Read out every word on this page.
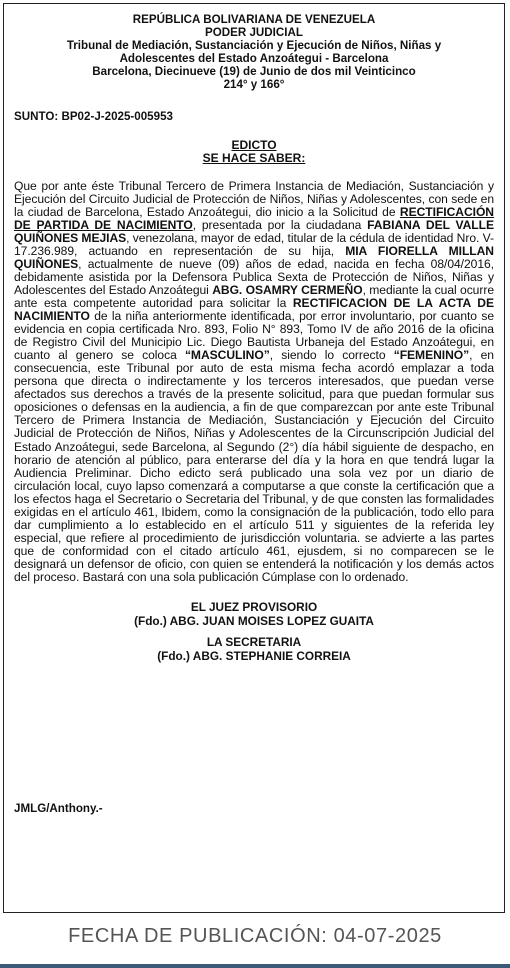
REPÚBLICA BOLIVARIANA DE VENEZUELA
PODER JUDICIAL
Tribunal de Mediación, Sustanciación y Ejecución de Niños, Niñas y
Adolescentes del Estado Anzoátegui - Barcelona
Barcelona, Diecinueve (19) de Junio de dos mil Veinticinco
214° y 166°
SUNTO: BP02-J-2025-005953
EDICTO
SE HACE SABER:
Que por ante éste Tribunal Tercero de Primera Instancia de Mediación, Sustanciación y Ejecución del Circuito Judicial de Protección de Niños, Niñas y Adolescentes, con sede en la ciudad de Barcelona, Estado Anzoátegui, dio inicio a la Solicitud de RECTIFICACIÓN DE PARTIDA DE NACIMIENTO, presentada por la ciudadana FABIANA DEL VALLE QUIÑONES MEJIAS, venezolana, mayor de edad, titular de la cédula de identidad Nro. V-17.236.989, actuando en representación de su hija, MIA FIORELLA MILLAN QUIÑONES, actualmente de nueve (09) años de edad, nacida en fecha 08/04/2016, debidamente asistida por la Defensora Publica Sexta de Protección de Niños, Niñas y Adolescentes del Estado Anzoátegui ABG. OSAMRY CERMEÑO, mediante la cual ocurre ante esta competente autoridad para solicitar la RECTIFICACION DE LA ACTA DE NACIMIENTO de la niña anteriormente identificada, por error involuntario, por cuanto se evidencia en copia certificada Nro. 893, Folio N° 893, Tomo IV de año 2016 de la oficina de Registro Civil del Municipio Lic. Diego Bautista Urbaneja del Estado Anzoátegui, en cuanto al genero se coloca “MASCULINO”, siendo lo correcto “FEMENINO”, en consecuencia, este Tribunal por auto de esta misma fecha acordó emplazar a toda persona que directa o indirectamente y los terceros interesados, que puedan verse afectados sus derechos a través de la presente solicitud, para que puedan formular sus oposiciones o defensas en la audiencia, a fin de que comparezcan por ante este Tribunal Tercero de Primera Instancia de Mediación, Sustanciación y Ejecución del Circuito Judicial de Protección de Niños, Niñas y Adolescentes de la Circunscripción Judicial del Estado Anzoátegui, sede Barcelona, al Segundo (2°) día hábil siguiente de despacho, en horario de atención al público, para enterarse del día y la hora en que tendrá lugar la Audiencia Preliminar. Dicho edicto será publicado una sola vez por un diario de circulación local, cuyo lapso comenzará a computarse a que conste la certificación que a los efectos haga el Secretario o Secretaria del Tribunal, y de que consten las formalidades exigidas en el artículo 461, Ibidem, como la consignación de la publicación, todo ello para dar cumplimiento a lo establecido en el artículo 511 y siguientes de la referida ley especial, que refiere al procedimiento de jurisdicción voluntaria. se advierte a las partes que de conformidad con el citado artículo 461, ejusdem, si no comparecen se le designará un defensor de oficio, con quien se entenderá la notificación y los demás actos del proceso. Bastará con una sola publicación Cúmplase con lo ordenado.
EL JUEZ PROVISORIO
(Fdo.) ABG. JUAN MOISES LOPEZ GUAITA
LA SECRETARIA
(Fdo.) ABG. STEPHANIE CORREIA
JMLG/Anthony.-
FECHA DE PUBLICACIÓN: 04-07-2025
